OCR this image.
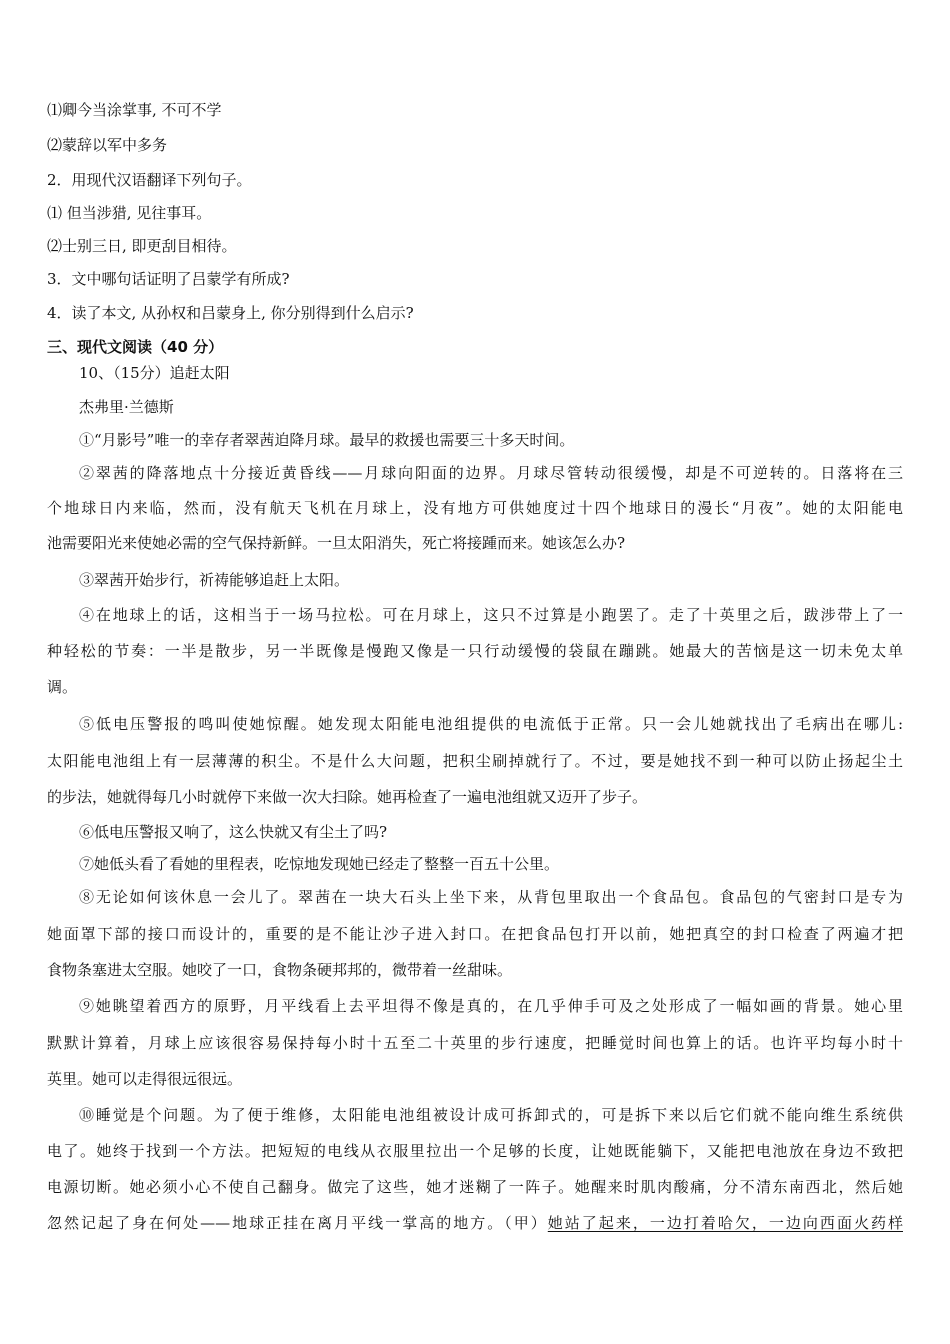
⑴卿今当涂掌事, 不可不学
⑵蒙辞以军中多务
2．用现代汉语翻译下列句子。
⑴ 但当涉猎, 见往事耳。
⑵士别三日, 即更刮目相待。
3．文中哪句话证明了吕蒙学有所成?
4．读了本文, 从孙权和吕蒙身上, 你分别得到什么启示?
三、现代文阅读（40 分）
10、（15分）追赶太阳
杰弗里·兰德斯
①“月影号”唯一的幸存者翠茜迫降月球。最早的救援也需要三十多天时间。
②翠茜的降落地点十分接近黄昏线——月球向阳面的边界。月球尽管转动很缓慢，却是不可逆转的。日落将在三
个地球日内来临，然而，没有航天飞机在月球上，没有地方可供她度过十四个地球日的漫长“月夜”。她的太阳能电
池需要阳光来使她必需的空气保持新鲜。一旦太阳消失，死亡将接踵而来。她该怎么办?
③翠茜开始步行，祈祷能够追赶上太阳。
④在地球上的话，这相当于一场马拉松。可在月球上，这只不过算是小跑罢了。走了十英里之后，跋涉带上了一
种轻松的节奏：一半是散步，另一半既像是慢跑又像是一只行动缓慢的袋鼠在蹦跳。她最大的苦恼是这一切未免太单
调。
⑤低电压警报的鸣叫使她惊醒。她发现太阳能电池组提供的电流低于正常。只一会儿她就找出了毛病出在哪儿:
太阳能电池组上有一层薄薄的积尘。不是什么大问题，把积尘刷掉就行了。不过，要是她找不到一种可以防止扬起尘土
的步法，她就得每几小时就停下来做一次大扫除。她再检查了一遍电池组就又迈开了步子。
⑥低电压警报又响了，这么快就又有尘土了吗?
⑦她低头看了看她的里程表，吃惊地发现她已经走了整整一百五十公里。
⑧无论如何该休息一会儿了。翠茜在一块大石头上坐下来，从背包里取出一个食品包。食品包的气密封口是专为
她面罩下部的接口而设计的，重要的是不能让沙子进入封口。在把食品包打开以前，她把真空的封口检查了两遍才把
食物条塞进太空服。她咬了一口，食物条硬邦邦的，微带着一丝甜味。
⑨她眺望着西方的原野，月平线看上去平坦得不像是真的，在几乎伸手可及之处形成了一幅如画的背景。她心里
默默计算着，月球上应该很容易保持每小时十五至二十英里的步行速度，把睡觉时间也算上的话。也许平均每小时十
英里。她可以走得很远很远。
⑩睡觉是个问题。为了便于维修，太阳能电池组被设计成可拆卸式的，可是拆下来以后它们就不能向维生系统供
电了。她终于找到一个方法。把短短的电线从衣服里拉出一个足够的长度，让她既能躺下，又能把电池放在身边不致把
电源切断。她必须小心不使自己翻身。做完了这些，她才迷糊了一阵子。她醒来时肌肉酸痛，分不清东南西北，然后她
忽然记起了身在何处——地球正挂在离月平线一掌高的地方。（甲）她站了起来，一边打着哈欠，一边向西面火药样
